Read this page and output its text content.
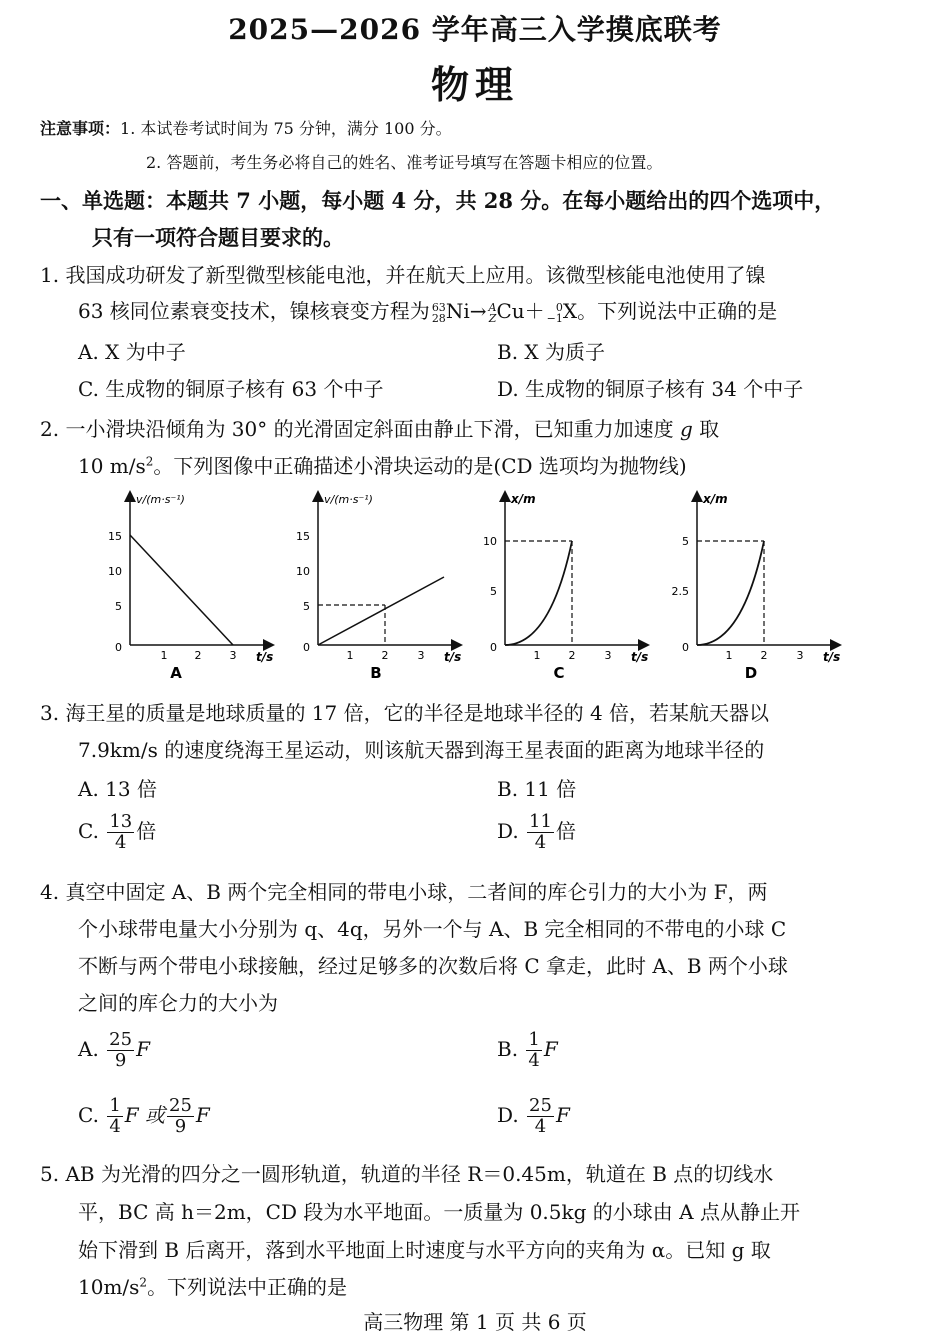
2025—2026 学年高三入学摸底联考
物理
注意事项：1. 本试卷考试时间为 75 分钟，满分 100 分。
2. 答题前，考生务必将自己的姓名、准考证号填写在答题卡相应的位置。
一、单选题：本题共 7 小题，每小题 4 分，共 28 分。在每小题给出的四个选项中，
只有一项符合题目要求的。
1. 我国成功研发了新型微型核能电池，并在航天上应用。该微型核能电池使用了镍
63 核同位素衰变技术，镍核衰变方程为 63
28 Ni→ A
Z Cu＋	0
−1 X。下列说法中正确的是
A. X 为中子	B. X 为质子
C. 生成物的铜原子核有 63 个中子	D. 生成物的铜原子核有 34 个中子
2. 一小滑块沿倾角为 30° 的光滑固定斜面由静止下滑，已知重力加速度 g 取
10 $m/s^2$。下列图像中正确描述小滑块运动的是(CD 选项均为抛物线)
v/(m·s⁻¹)
15
10
5
0
1 2	3 t/s
A
v/(m·s⁻¹)
15
10
5
0
1	2	3 t/s
B
x/m
10
5
0
1	2	3 t/s
C
x/m
5
2.5
0
1	2	3 t/s
D
3. 海王星的质量是地球质量的 17 倍，它的半径是地球半径的 4 倍，若某航天器以
7.9km/s 的速度绕海王星运动，则该航天器到海王星表面的距离为地球半径的
A. 13 倍	B. 11 倍
C. $\frac{13}{4}$ 倍	D. $\frac{11}{4}$ 倍
4. 真空中固定 A、B 两个完全相同的带电小球，二者间的库仑引力的大小为 F，两
个小球带电量大小分别为 q、4q，另外一个与 A、B 完全相同的不带电的小球 C
不断与两个带电小球接触，经过足够多的次数后将 C 拿走，此时 A、B 两个小球
之间的库仑力的大小为
A. $\frac{25}{9}$ F	B. $\frac{1}{4}$ F
C. $\frac{1}{4}$ F 或 $\frac{25}{9}$ F	D. $\frac{25}{4}$ F
5. AB 为光滑的四分之一圆形轨道，轨道的半径 R＝0.45m，轨道在 B 点的切线水
平，BC 高 h＝2m，CD 段为水平地面。一质量为 0.5kg 的小球由 A 点从静止开
始下滑到 B 后离开，落到水平地面上时速度与水平方向的夹角为 α。已知 g 取
$10m/s^2$。下列说法中正确的是
高三物理 第 1 页 共 6 页
